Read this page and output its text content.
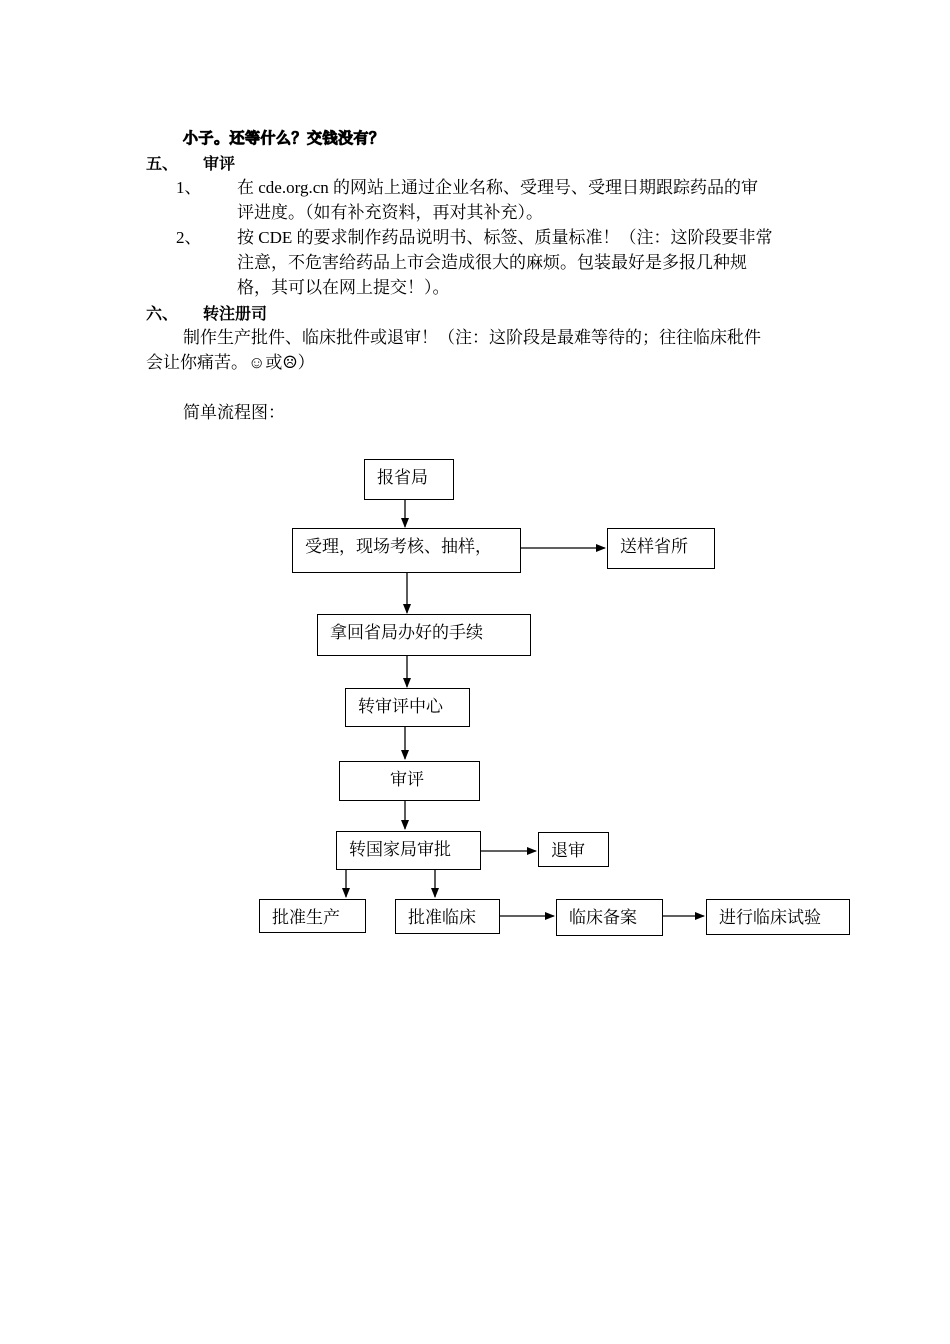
小子。还等什么？交钱没有？
五、 审评
1、 在 cde.org.cn 的网站上通过企业名称、受理号、受理日期跟踪药品的审
评进度。（如有补充资料，再对其补充）。
2、 按 CDE 的要求制作药品说明书、标签、质量标准！（注：这阶段要非常
注意，不危害给药品上市会造成很大的麻烦。包装最好是多报几种规
格，其可以在网上提交！）。
六、 转注册司
制作生产批件、临床批件或退审！（注：这阶段是最难等待的；往往临床秕件
会让你痛苦。☺或☹）
简单流程图：
报省局
受理，现场考核、抽样，	送样省所
拿回省局办好的手续
转审评中心
审评
转国家局审批	退审
批准生产	批准临床	临床备案	进行临床试验
